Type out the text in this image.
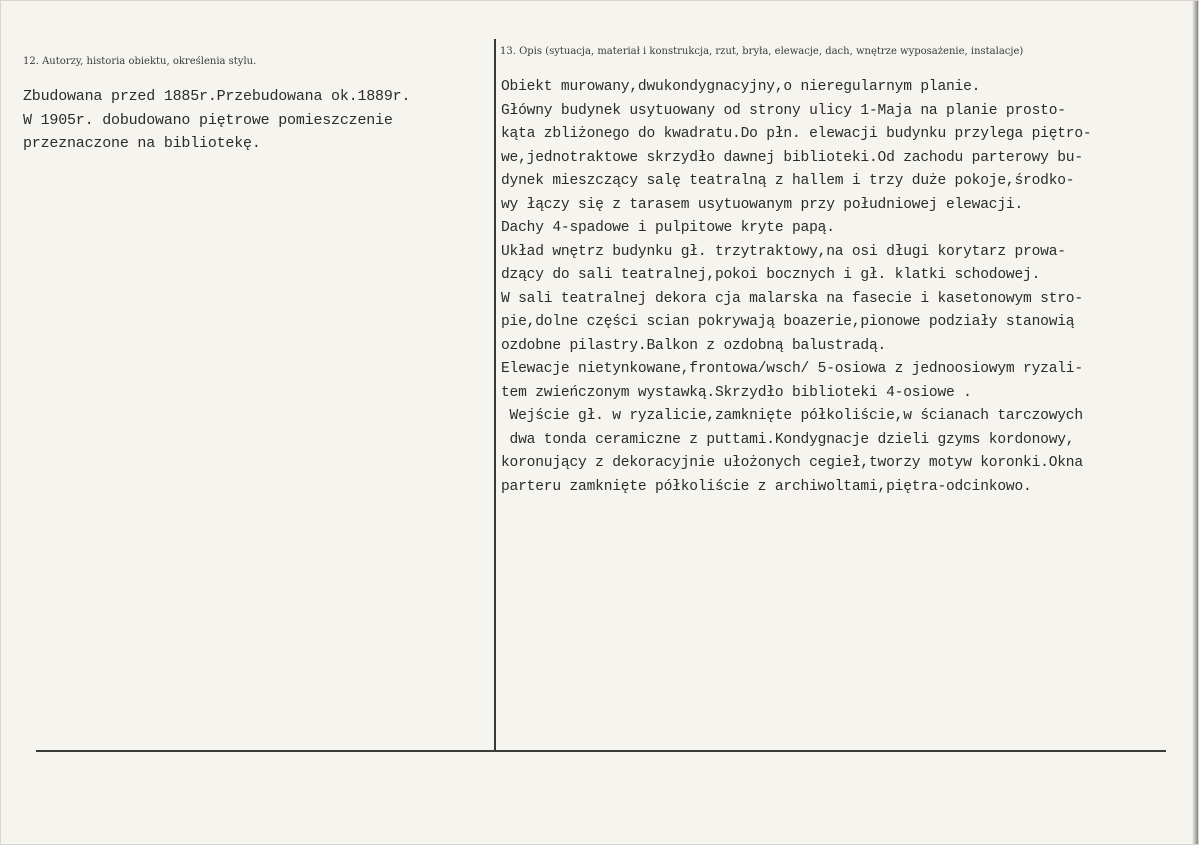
12. Autorzy, historia obiektu, określenia stylu.
Zbudowana przed 1885r.Przebudowana ok.1889r.
W 1905r. dobudowano piętrowe pomieszczenie
przeznaczone na bibliotekę.
13. Opis (sytuacja, materiał i konstrukcja, rzut, bryła, elewacje, dach, wnętrze wyposażenie, instalacje)
Obiekt murowany,dwukondygnacyjny,o nieregularnym planie.
Główny budynek usytuowany od strony ulicy 1-Maja na planie prosto-
kąta zbliżonego do kwadratu.Do płn. elewacji budynku przylega piętro-
we,jednotraktowe skrzydło dawnej biblioteki.Od zachodu parterowy bu-
dynek mieszczący salę teatralną z hallem i trzy duże pokoje,środko-
wy łączy się z tarasem usytuowanym przy południowej elewacji.
Dachy 4-spadowe i pulpitowe kryte papą.
Układ wnętrz budynku gł. trzytraktowy,na osi długi korytarz prowa-
dzący do sali teatralnej,pokoi bocznych i gł. klatki schodowej.
W sali teatralnej dekora cja malarska na fasecie i kasetonowym stro-
pie,dolne części scian pokrywają boazerie,pionowe podziały stanowią
ozdobne pilastry.Balkon z ozdobną balustradą.
Elewacje nietynkowane,frontowa/wsch/ 5-osiowa z jednoosiowym ryzali-
tem zwieńczonym wystawką.Skrzydło biblioteki 4-osiowe .
Wejście gł. w ryzalicie,zamknięte półkoliście,w ścianach tarczowych
dwa tonda ceramiczne z puttami.Kondygnacje dzieli gzyms kordonowy,
koronujący z dekoracyjnie ułożonych cegieł,tworzy motyw koronki.Okna
parteru zamknięte półkoliście z archiwoltami,piętra-odcinkowo.
